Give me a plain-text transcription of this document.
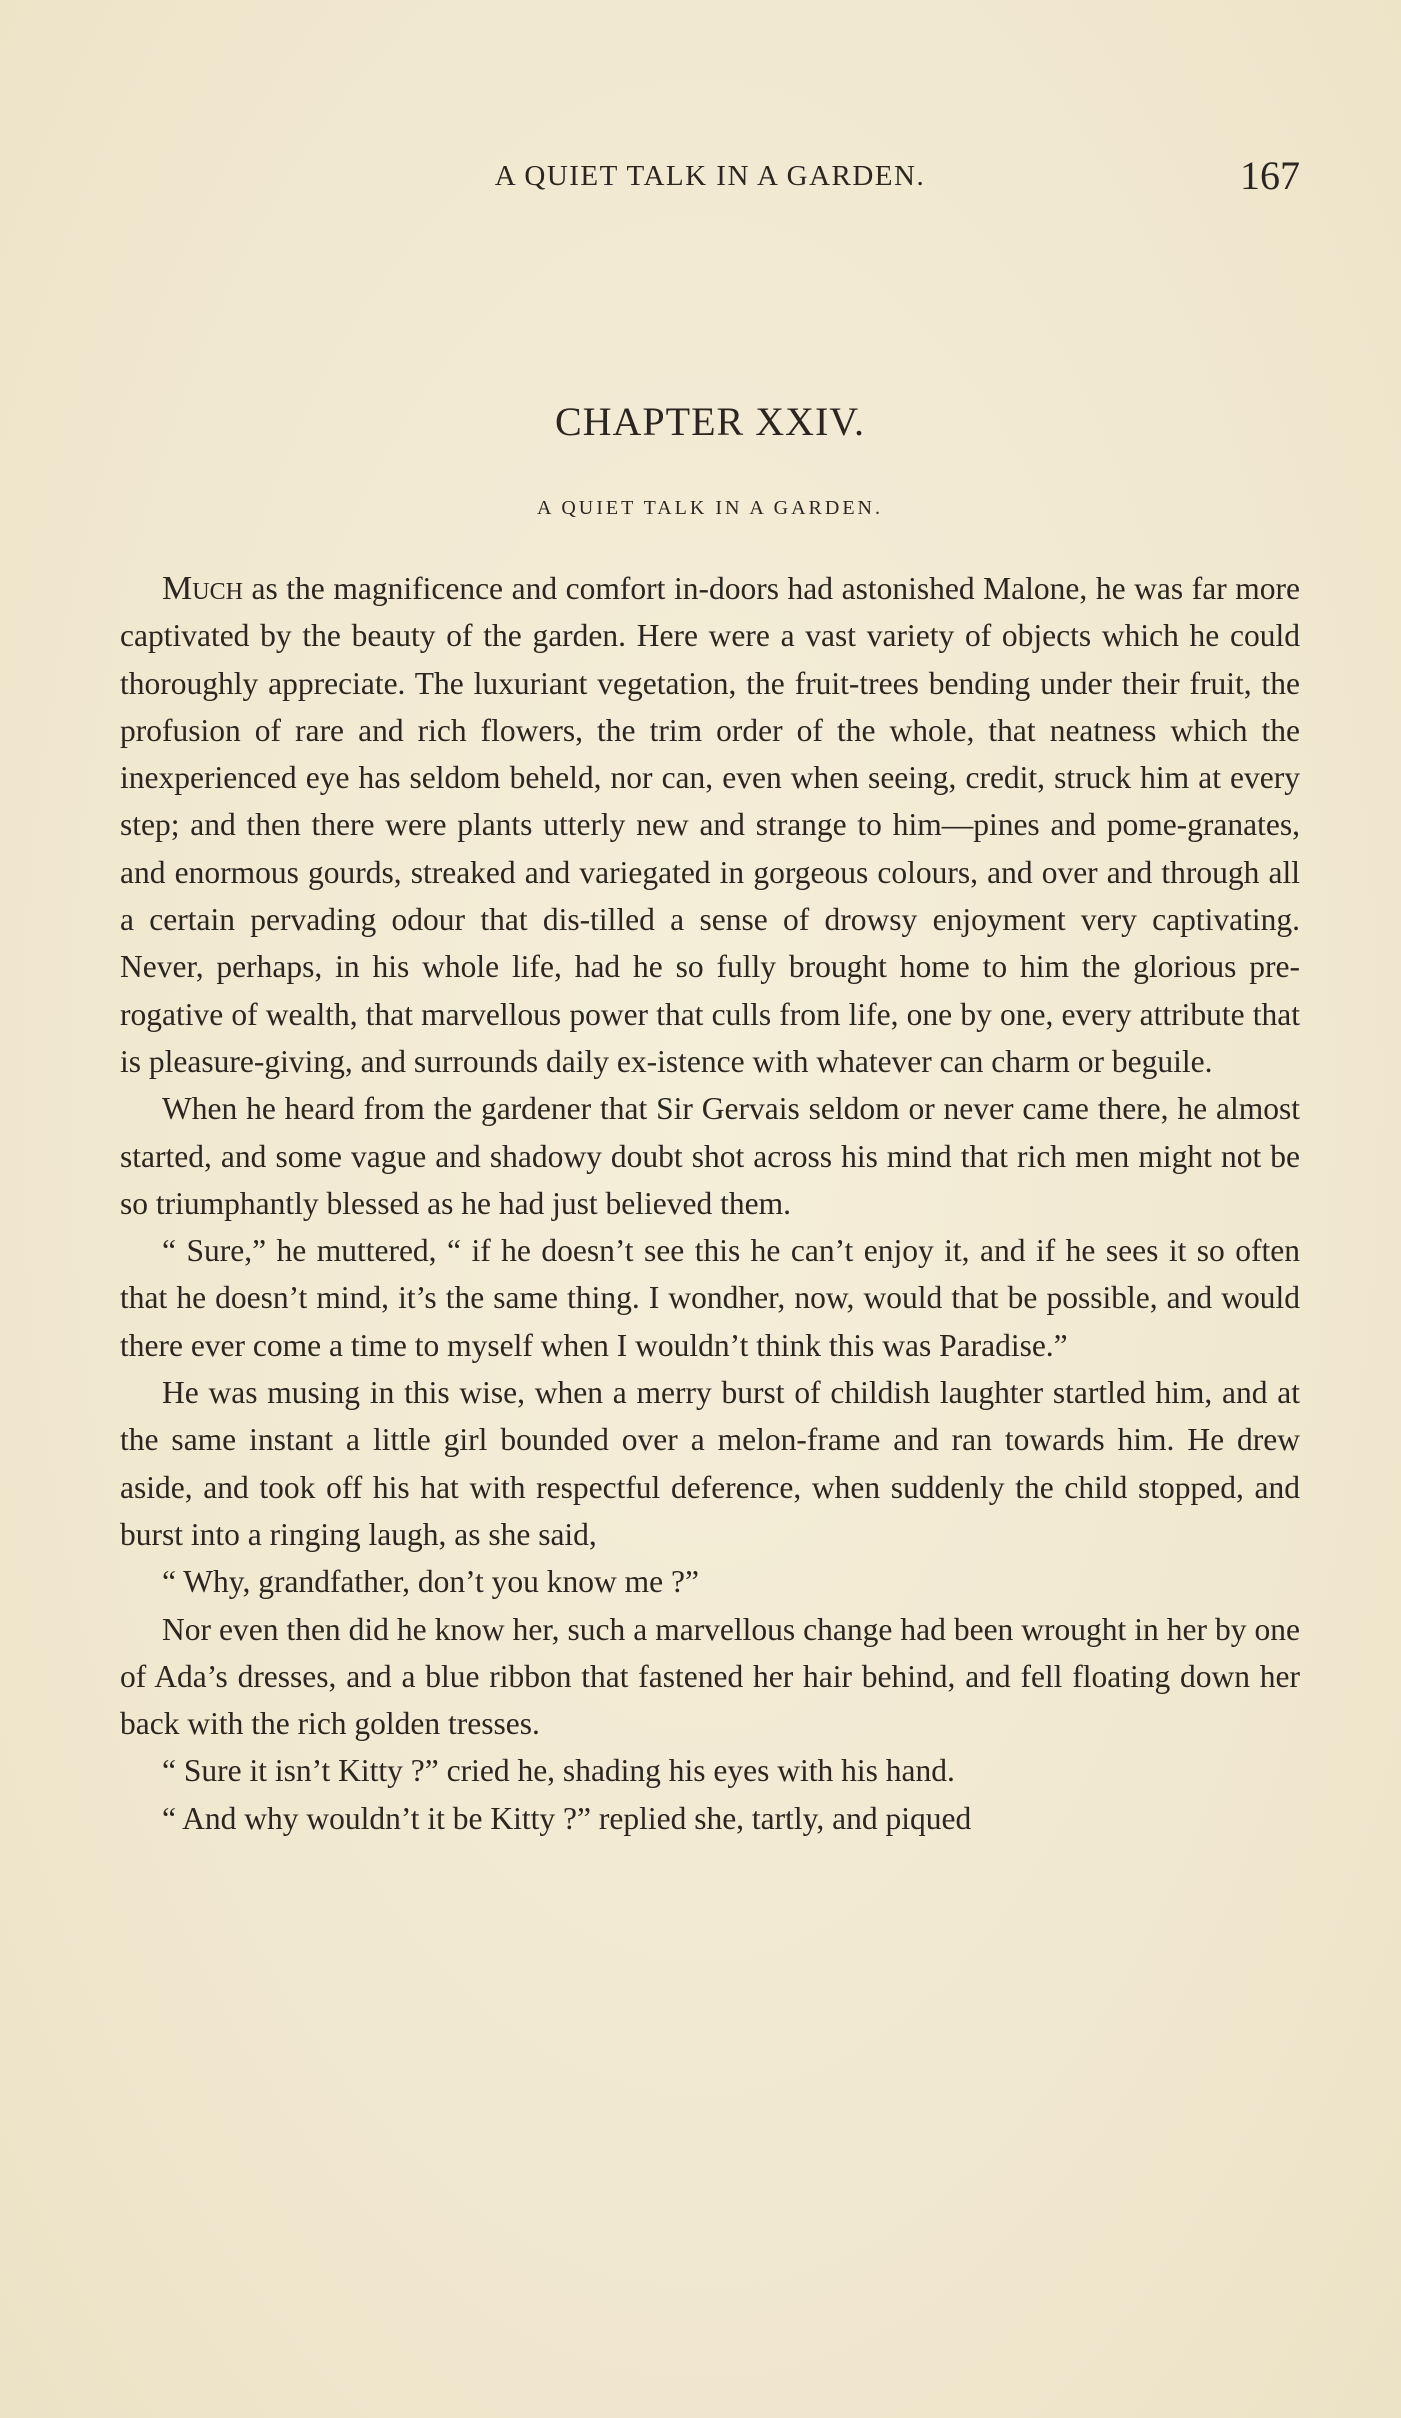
A QUIET TALK IN A GARDEN.	167
CHAPTER XXIV.
A QUIET TALK IN A GARDEN.

Much as the magnificence and comfort in-doors had astonished Malone, he was far more captivated by the beauty of the garden. Here were a vast variety of objects which he could thoroughly appreciate. The luxuriant vegetation, the fruit-trees bending under their fruit, the profusion of rare and rich flowers, the trim order of the whole, that neatness which the inexperienced eye has seldom beheld, nor can, even when seeing, credit, struck him at every step; and then there were plants utterly new and strange to him—pines and pome-granates, and enormous gourds, streaked and variegated in gorgeous colours, and over and through all a certain pervading odour that dis-tilled a sense of drowsy enjoyment very captivating. Never, perhaps, in his whole life, had he so fully brought home to him the glorious pre-rogative of wealth, that marvellous power that culls from life, one by one, every attribute that is pleasure-giving, and surrounds daily ex-istence with whatever can charm or beguile.

When he heard from the gardener that Sir Gervais seldom or never came there, he almost started, and some vague and shadowy doubt shot across his mind that rich men might not be so triumphantly blessed as he had just believed them.

“ Sure,” he muttered, “ if he doesn’t see this he can’t enjoy it, and if he sees it so often that he doesn’t mind, it’s the same thing. I wondher, now, would that be possible, and would there ever come a time to myself when I wouldn’t think this was Paradise.”

He was musing in this wise, when a merry burst of childish laughter startled him, and at the same instant a little girl bounded over a melon-frame and ran towards him. He drew aside, and took off his hat with respectful deference, when suddenly the child stopped, and burst into a ringing laugh, as she said,

“ Why, grandfather, don’t you know me ?”

Nor even then did he know her, such a marvellous change had been wrought in her by one of Ada’s dresses, and a blue ribbon that fastened her hair behind, and fell floating down her back with the rich golden tresses.

“ Sure it isn’t Kitty ?” cried he, shading his eyes with his hand.

“ And why wouldn’t it be Kitty ?” replied she, tartly, and piqued
